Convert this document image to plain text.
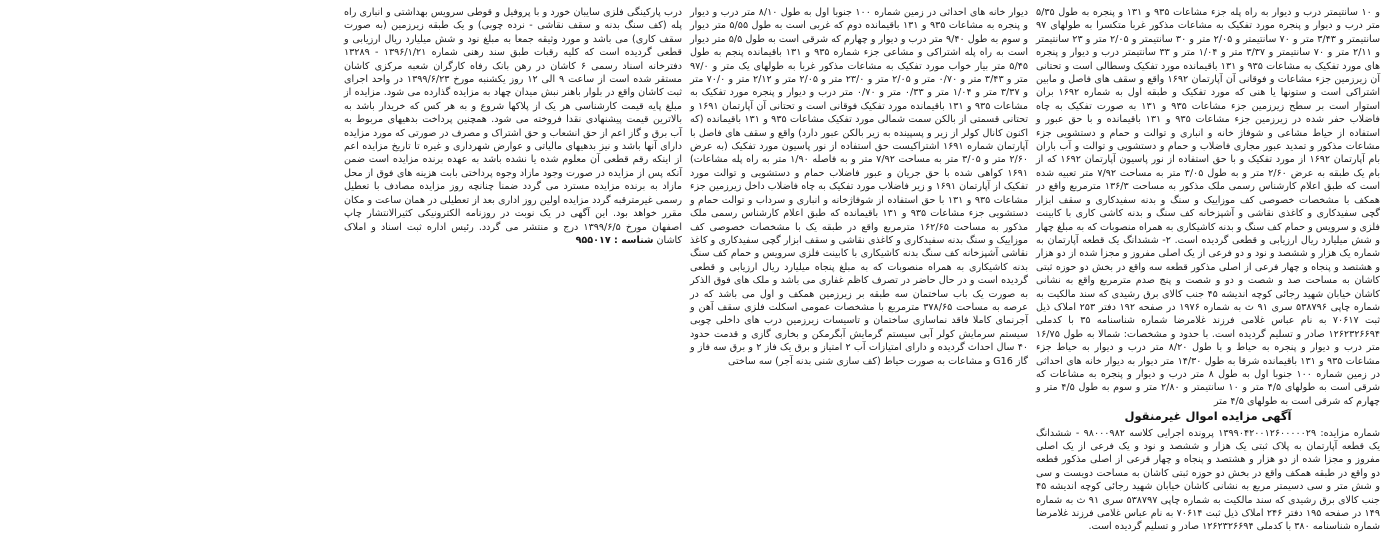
و ۱۰ سانتیمتر درب و دیوار به راه پله جزء مشاعات ۹۳۵ و ۱۳۱ و پنجره به طول ۵/۳۵ متر درب و دیوار و پنجره مورد تفکیک به مشاعات مذکور غربا متکسرا به طولهای ۹۷ سانتیمتر و ۳/۴۳ متر و ۷۰ سانتیمتر و ۲/۰۵ متر و ۳۰ سانتیمتر و ۲/۰۵ متر و ۲۳ سانتیمتر و ۲/۱۱ متر و ۷۰ سانتیمتر و ۳/۳۷ متر و ۱/۰۴ متر و ۳۳ سانتیمتر درب و دیوار و پنجره های مورد تفکیک به مشاعات ۹۳۵ و ۱۳۱ باقیمانده مورد تفکیک وسطالی است و تحتانی آن زیرزمین جزء مشاعات و فوقانی آن آپارتمان ۱۶۹۲ واقع و سقف های فاصل و مابین اشتراکی است و ستونها یا هنی که مورد تفکیک و طبقه اول به شماره ۱۶۹۲ بران استوار است بر سطح زیرزمین جزء مشاعات ۹۳۵ و ۱۳۱ به صورت تفکیک به چاه فاضلاب حفر شده در زیرزمین جزء مشاعات ۹۳۵ و ۱۳۱ باقیمانده و با حق عبور و استفاده از حیاط مشاعی و شوفاژ خانه و انباری و توالت و حمام و دستشویی جزء مشاعات مذکور و تمدید عبور مجاری فاضلاب و حمام و دستشویی و توالت و آب باران بام آپارتمان ۱۶۹۲ از مورد تفکیک و با حق استفاده از نور پاسیون آپارتمان ۱۶۹۲ که از بام یک طبقه به عرض ۲/۶۰ متر و به طول ۳/۰۵ متر به مساحت ۷/۹۲ متر تعبیه شده است که طبق اعلام کارشناس رسمی ملک مذکور به مساحت ۱۳۶/۳ مترمربع واقع در همکف با مشخصات خصوصی کف موزاییک و سنگ و بدنه سفیدکاری و سقف ابزار گچی سفیدکاری و کاغذی نقاشی و آشپزخانه کف سنگ و بدنه کاشی کاری با کابینت فلزی و سرویس و حمام کف سنگ و بدنه کاشیکاری به همراه منصوبات که به مبلغ چهار و شش میلیارد ریال ارزیابی و قطعی گردیده است. ۲- ششدانگ یک قطعه آپارتمان به شماره یک هزار و ششصد و نود و دو فرعی از یک اصلی مفروز و مجزا شده از دو هزار و هشتصد و پنجاه و چهار فرعی از اصلی مذکور قطعه سه واقع در بخش دو حوزه ثبتی کاشان به مساحت صد و شصت و دو و شصت و پنج صدم مترمربع واقع به نشانی کاشان خیابان شهید رجائی کوچه اندیشه ۴۵ جنب کالای برق رشیدی که سند مالکیت به شماره چاپی ۵۳۸۷۹۶ سری ۹۱ ث به شماره ۱۹۷۶ در صفحه ۱۹۲ دفتر ۲۵۳ املاک ذیل ثبت ۷۰۶۱۷ به نام عباس غلامی فرزند غلامرضا شماره شناسنامه ۳۵ با کدملی ۱۲۶۲۳۲۶۶۹۴ صادر و تسلیم گردیده است. با حدود و مشخصات: شمالا به طول ۱۶/۷۵ متر درب و دیوار و پنجره به حیاط و با طول ۸/۲۰ متر درب و دیوار به حیاط جزء مشاعات ۹۳۵ و ۱۳۱ باقیمانده شرقا به طول ۱۴/۳۰ متر دیوار به دیوار خانه های احداثی در زمین شماره ۱۰۰ جنوبا اول به طول ۸ متر درب و دیوار و پنجره به مشاعات که شرقی است به طولهای ۴/۵ متر و ۱۰ سانتیمتر و ۲/۸۰ متر و سوم به طول ۴/۵ متر و چهارم که شرقی است به طولهای ۴/۵ متر

آگهی مزایده اموال غیرمنقول

شماره مزایده: ۱۳۹۹۰۴۲۰۰۱۲۶۰۰۰۰۰۲۹ پرونده اجرایی کلاسه ۹۸۰۰۰۹۸۲ - ششدانگ یک قطعه آپارتمان به پلاک ثبتی یک هزار و ششصد و نود و یک فرعی از یک اصلی مفروز و مجزا شده از دو هزار و هشتصد و پنجاه و چهار فرعی از اصلی مذکور قطعه دو واقع در طبقه همکف واقع در بخش دو حوزه ثبتی کاشان به مساحت دویست و سی و شش متر و سی دسیمتر مربع به نشانی کاشان خیابان شهید رجائی کوچه اندیشه ۴۵ جنب کالای برق رشیدی که سند مالکیت به شماره چاپی ۵۳۸۷۹۷ سری ۹۱ ث به شماره ۱۴۹ در صفحه ۱۹۵ دفتر ۲۴۶ املاک ذیل ثبت ۷۰۶۱۴ به نام عباس غلامی فرزند غلامرضا شماره شناسنامه ۳۸۰ با کدملی ۱۲۶۲۳۲۶۶۹۴ صادر و تسلیم گردیده است.

دیوار خانه های احداثی در زمین شماره ۱۰۰ جنوبا اول به طول ۸/۱۰ متر درب و دیوار و پنجره به مشاعات ۹۳۵ و ۱۳۱ باقیمانده دوم که غربی است به طول ۵/۵۵ متر دیوار و سوم به طول ۹/۴۰ متر درب و دیوار و چهارم که شرقی است به طول ۵/۵ متر دیوار است به راه پله اشتراکی و مشاعی جزء شماره ۹۳۵ و ۱۳۱ باقیمانده پنجم به طول ۵/۴۵ متر بیار خواب مورد تفکیک به مشاعات مذکور غربا به طولهای یک متر و ۹۷/۰ متر و ۳/۴۳ متر و ۰/۷۰ متر و ۲/۰۵ متر و ۲۳/۰ متر و ۲/۰۵ متر و ۲/۱۲ متر و ۷۰/۰ متر و ۳/۳۷ متر و ۱/۰۴ متر و ۰/۳۳ متر و ۰/۷۰ متر درب و دیوار و پنجره مورد تفکیک به مشاعات ۹۳۵ و ۱۳۱ باقیمانده مورد تفکیک فوقانی است و تحتانی آن آپارتمان ۱۶۹۱ و تحتانی قسمتی از بالکن سمت شمالی مورد تفکیک مشاعات ۹۳۵ و ۱۳۱ باقیمانده (که اکنون کانال کولر از زیر و پسپینده به زیر بالکن عبور دارد) واقع و سقف های فاصل با آپارتمان شماره ۱۶۹۱ اشتراکیست حق استفاده از نور پاسیون مورد تفکیک (به عرض ۲/۶۰ متر و ۳/۰۵ متر به مساحت ۷/۹۲ متر و به فاصله ۱/۹۰ متر به راه پله مشاعات) ۱۶۹۱ کواهی شده با حق جریان و عبور فاضلاب حمام و دستشویی و توالت مورد تفکیک از آپارتمان ۱۶۹۱ و زیر فاضلاب مورد تفکیک به چاه فاضلاب داخل زیرزمین جزء مشاعات ۹۳۵ و ۱۳۱ با حق استفاده از شوفاژخانه و انباری و سرداب و توالت حمام و دستشویی جزء مشاعات ۹۳۵ و ۱۳۱ باقیمانده که طبق اعلام کارشناس رسمی ملک مذکور به مساحت ۱۶۲/۶۵ مترمربع واقع در طبقه یک با مشخصات خصوصی کف موزاییک و سنگ بدنه سفیدکاری و کاغذی نقاشی و سقف ابزار گچی سفیدکاری و کاغذ نقاشی آشپزخانه کف سنگ بدنه کاشیکاری با کابینت فلزی سرویس و حمام کف سنگ بدنه کاشیکاری به همراه منصوبات که به مبلغ پنجاه میلیارد ریال ارزیابی و قطعی گردیده است و در حال حاضر در تصرف کاظم غفاری می باشد و ملک های فوق الذکر به صورت یک باب ساختمان سه طبقه بر زیرزمین همکف و اول می باشد که در عرصه به مساحت ۳۷۸/۶۵ مترمربع با مشخصات عمومی اسکلت فلزی سقف آهن و آجرنمای کاملا فاقد نماسازی ساختمان و تاسیسات زیرزمین درب های داخلی چوبی سیستم سرمایش کولر آبی سیستم گرمایش آبگرمکن و بخاری گازی و قدمت حدود ۴۰ سال احداث گردیده و دارای امتیازات آب ۲ امتیاز و برق یک فاز ۲ و برق سه فاز و گاز G16 و مشاعات به صورت حیاط (کف سازی شنی بدنه آجر) سه ساختی

درب پارکینگی فلزی سایبان خورد و با پروفیل و قوطی سرویس بهداشتی و انباری راه پله (کف سنگ بدنه و سقف نقاشی - نرده چوبی) و یک طبقه زیرزمین (به صورت سقف کاری) می باشد و مورد وثیقه جمعا به مبلغ نود و شش میلیارد ریال ارزیابی و قطعی گردیده است که کلیه رقبات طبق سند رهنی شماره ۱۳۹۶/۱/۲۱ - ۱۳۲۸۹ دفترخانه اسناد رسمی ۶ کاشان در رهن بانک رفاه کارگران شعبه مرکزی کاشان مستقر شده است از ساعت ۹ الی ۱۲ روز یکشنبه مورخ ۱۳۹۹/۶/۲۳ در واحد اجرای ثبت کاشان واقع در بلوار باهنر نبش میدان چهاد به مزایده گذارده می شود. مزایده از مبلغ پایه قیمت کارشناسی هر یک از پلاکها شروع و به هر کس که خریدار باشد به بالاترین قیمت پیشنهادی نقدا فروخته می شود. همچنین پرداخت بدهیهای مربوط به آب برق و گاز اعم از حق انشعاب و حق اشتراک و مصرف در صورتی که مورد مزایده دارای آنها باشد و نیز بدهیهای مالیاتی و عوارض شهرداری و غیره تا تاریخ مزایده اعم از اینکه رقم قطعی آن معلوم شده یا نشده باشد به عهده برنده مزایده است ضمن آنکه پس از مزایده در صورت وجود مازاد وجوه پرداختی بابت هزینه های فوق از محل مازاد به برنده مزایده مسترد می گردد ضمنا چنانچه روز مزایده مصادف با تعطیل رسمی غیرمترقبه گردد مزایده اولین روز اداری بعد از تعطیلی در همان ساعت و مکان مقرر خواهد بود. این آگهی در یک نوبت در روزنامه الکترونیکی کثیرالانتشار چاپ اصفهان مورخ ۱۳۹۹/۶/۵ درج و منتشر می گردد. رئیس اداره ثبت اسناد و املاک کاشان شناسه : ۹۵۵۰۱۷
